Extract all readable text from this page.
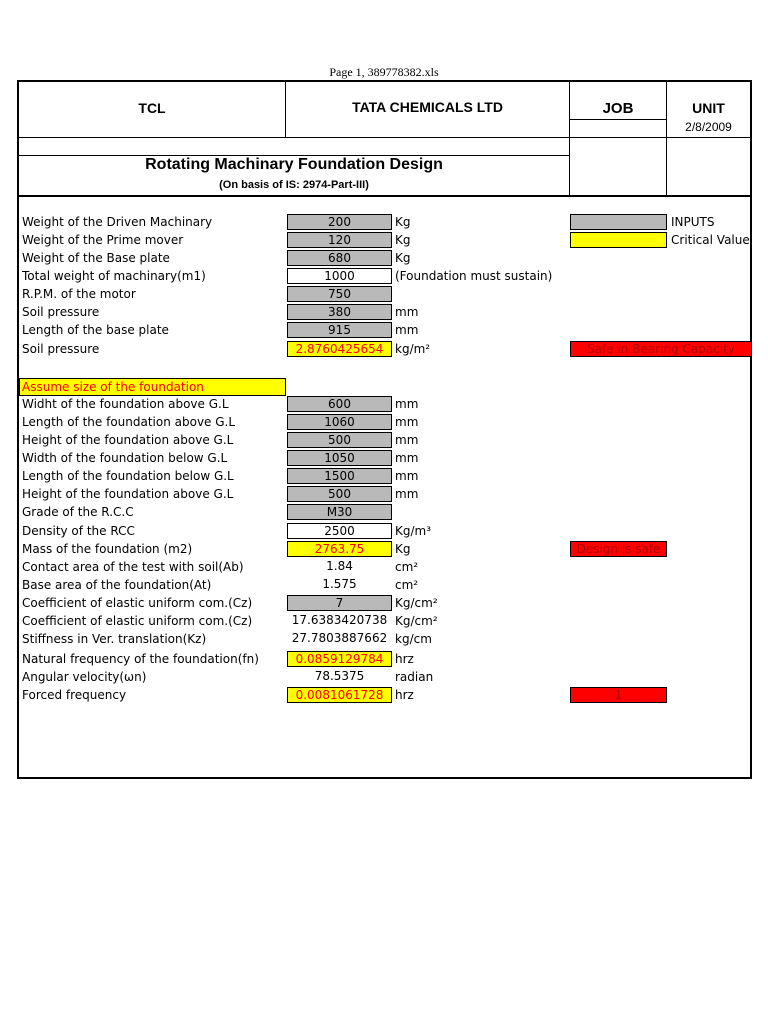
Page 1, 389778382.xls
TCL	TATA CHEMICALS LTD	JOB	UNIT
2/8/2009
Rotating Machinary Foundation Design
(On basis of IS: 2974-Part-III)
INPUTS
Critical Value
Assume size of the foundation
Weight of the Driven Machinary	200	Kg
Weight of the Prime mover	120	Kg
Weight of the Base plate	680	Kg
Total weight of machinary(m1)	1000	(Foundation must sustain)
R.P.M. of the motor	750
Soil pressure	380	mm
Length of the base plate	915	mm
Soil pressure	2.8760425654 kg/m²	Safe in Bearing Capacity
Widht of the foundation above G.L	600	mm
Length of the foundation above G.L	1060	mm
Height of the foundation above G.L	500	mm
Width of the foundation below G.L	1050	mm
Length of the foundation below G.L	1500	mm
Height of the foundation above G.L	500	mm
Grade of the R.C.C	M30
Density of the RCC	2500	Kg/m³
Mass of the foundation (m2)	2763.75	Kg	Design is safe
Contact area of the test with soil(Ab)	1.84	cm²
Base area of the foundation(At)	1.575	cm²
Coefficient of elastic uniform com.(Cz)	7	Kg/cm²
Coefficient of elastic uniform com.(Cz)	17.6383420738 Kg/cm²
Stiffness in Ver. translation(Kz)	27.7803887662 kg/cm
Natural frequency of the foundation(fn)	0.0859129784 hrz
Angular velocity(ωn)	78.5375	radian
Forced frequency	0.0081061728 hrz	1
